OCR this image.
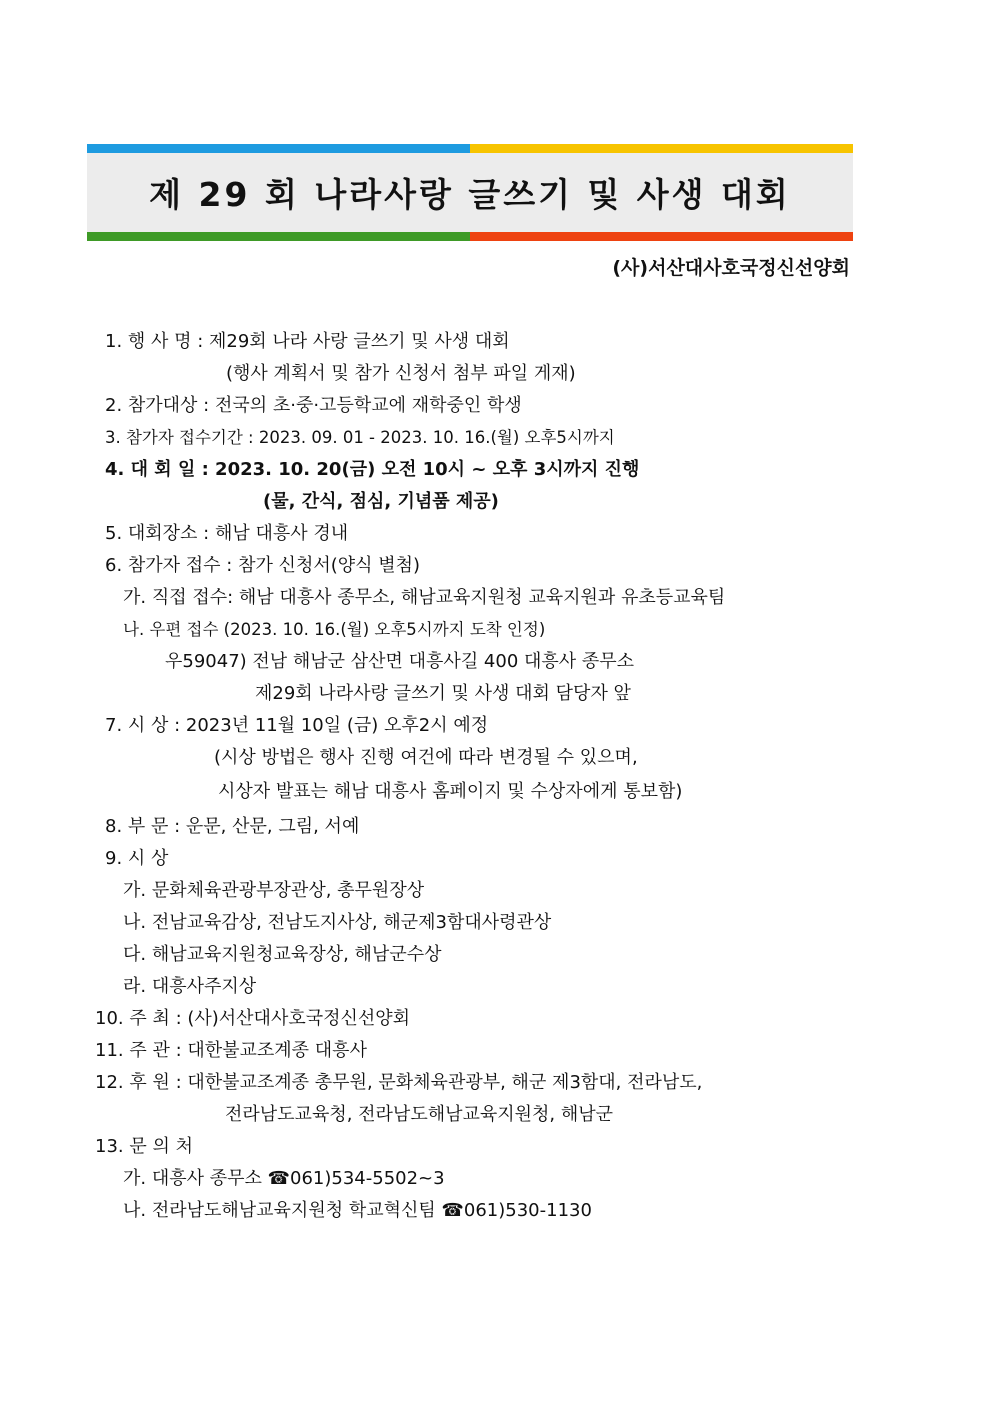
제 29 회 나라사랑 글쓰기 및 사생 대회
(사)서산대사호국정신선양회
1. 행 사 명 : 제29회 나라 사랑 글쓰기 및 사생 대회
(행사 계획서 및 참가 신청서 첨부 파일 게재)
2. 참가대상 : 전국의 초·중·고등학교에 재학중인 학생
3. 참가자 접수기간 : 2023. 09. 01 - 2023. 10. 16.(월) 오후5시까지
4. 대 회 일 : 2023. 10. 20(금) 오전 10시 ~ 오후 3시까지 진행
(물, 간식, 점심, 기념품 제공)
5. 대회장소 : 해남 대흥사 경내
6. 참가자 접수 : 참가 신청서(양식 별첨)
가. 직접 접수: 해남 대흥사 종무소, 해남교육지원청 교육지원과 유초등교육팀
나. 우편 접수 (2023. 10. 16.(월) 오후5시까지 도착 인정)
우59047) 전남 해남군 삼산면 대흥사길 400 대흥사 종무소
제29회 나라사랑 글쓰기 및 사생 대회 담당자 앞
7. 시 상 : 2023년 11월 10일 (금) 오후2시 예정
(시상 방법은 행사 진행 여건에 따라 변경될 수 있으며,
시상자 발표는 해남 대흥사 홈페이지 및 수상자에게 통보함)
8. 부 문 : 운문, 산문, 그림, 서예
9. 시 상
가. 문화체육관광부장관상, 총무원장상
나. 전남교육감상, 전남도지사상, 해군제3함대사령관상
다. 해남교육지원청교육장상, 해남군수상
라. 대흥사주지상
10. 주 최 : (사)서산대사호국정신선양회
11. 주 관 : 대한불교조계종 대흥사
12. 후 원 : 대한불교조계종 총무원, 문화체육관광부, 해군 제3함대, 전라남도,
전라남도교육청, 전라남도해남교육지원청, 해남군
13. 문 의 처
가. 대흥사 종무소 ☎061)534-5502~3
나. 전라남도해남교육지원청 학교혁신팀 ☎061)530-1130
